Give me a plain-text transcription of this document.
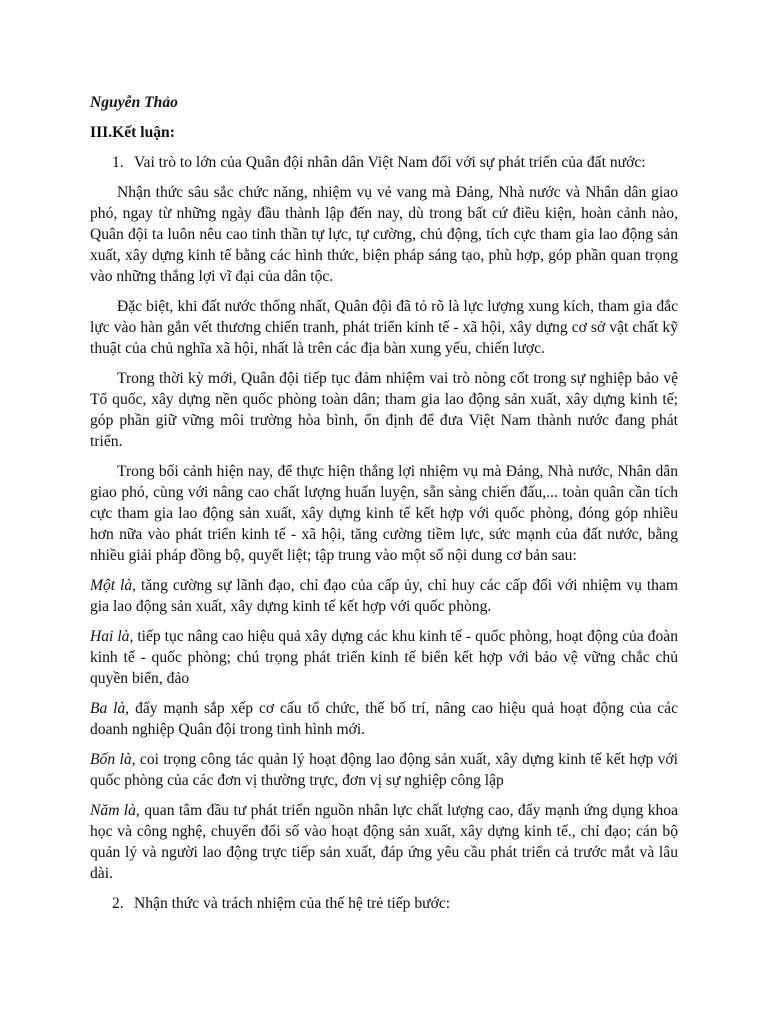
Nguyễn Thảo

III.Kết luận:

1. Vai trò to lớn của Quân đội nhân dân Việt Nam đối với sự phát triển của đất nước:

Nhận thức sâu sắc chức năng, nhiệm vụ vẻ vang mà Đảng, Nhà nước và Nhân dân giao phó, ngay từ những ngày đầu thành lập đến nay, dù trong bất cứ điều kiện, hoàn cảnh nào, Quân đội ta luôn nêu cao tinh thần tự lực, tự cường, chủ động, tích cực tham gia lao động sản xuất, xây dựng kinh tế bằng các hình thức, biện pháp sáng tạo, phù hợp, góp phần quan trọng vào những thắng lợi vĩ đại của dân tộc.

Đặc biệt, khi đất nước thống nhất, Quân đội đã tỏ rõ là lực lượng xung kích, tham gia đắc lực vào hàn gắn vết thương chiến tranh, phát triển kinh tế - xã hội, xây dựng cơ sở vật chất kỹ thuật của chủ nghĩa xã hội, nhất là trên các địa bàn xung yếu, chiến lược.

Trong thời kỳ mới, Quân đội tiếp tục đảm nhiệm vai trò nòng cốt trong sự nghiệp bảo vệ Tổ quốc, xây dựng nền quốc phòng toàn dân; tham gia lao động sản xuất, xây dựng kinh tế; góp phần giữ vững môi trường hòa bình, ổn định để đưa Việt Nam thành nước đang phát triển.

Trong bối cảnh hiện nay, để thực hiện thắng lợi nhiệm vụ mà Đảng, Nhà nước, Nhân dân giao phó, cùng với nâng cao chất lượng huấn luyện, sẵn sàng chiến đấu,... toàn quân cần tích cực tham gia lao động sản xuất, xây dựng kinh tế kết hợp với quốc phòng, đóng góp nhiều hơn nữa vào phát triển kinh tế - xã hội, tăng cường tiềm lực, sức mạnh của đất nước, bằng nhiều giải pháp đồng bộ, quyết liệt; tập trung vào một số nội dung cơ bản sau:

Một là, tăng cường sự lãnh đạo, chỉ đạo của cấp ủy, chỉ huy các cấp đối với nhiệm vụ tham gia lao động sản xuất, xây dựng kinh tế kết hợp với quốc phòng.

Hai là, tiếp tục nâng cao hiệu quả xây dựng các khu kinh tế - quốc phòng, hoạt động của đoàn kinh tế - quốc phòng; chú trọng phát triển kinh tế biển kết hợp với bảo vệ vững chắc chủ quyền biển, đảo

Ba là, đẩy mạnh sắp xếp cơ cấu tổ chức, thế bố trí, nâng cao hiệu quả hoạt động của các doanh nghiệp Quân đội trong tình hình mới.

Bốn là, coi trọng công tác quản lý hoạt động lao động sản xuất, xây dựng kinh tế kết hợp với quốc phòng của các đơn vị thường trực, đơn vị sự nghiệp công lập

Năm là, quan tâm đầu tư phát triển nguồn nhân lực chất lượng cao, đẩy mạnh ứng dụng khoa học và công nghệ, chuyển đổi số vào hoạt động sản xuất, xây dựng kinh tế., chỉ đạo; cán bộ quản lý và người lao động trực tiếp sản xuất, đáp ứng yêu cầu phát triển cả trước mắt và lâu dài.

2. Nhận thức và trách nhiệm của thế hệ trẻ tiếp bước:
